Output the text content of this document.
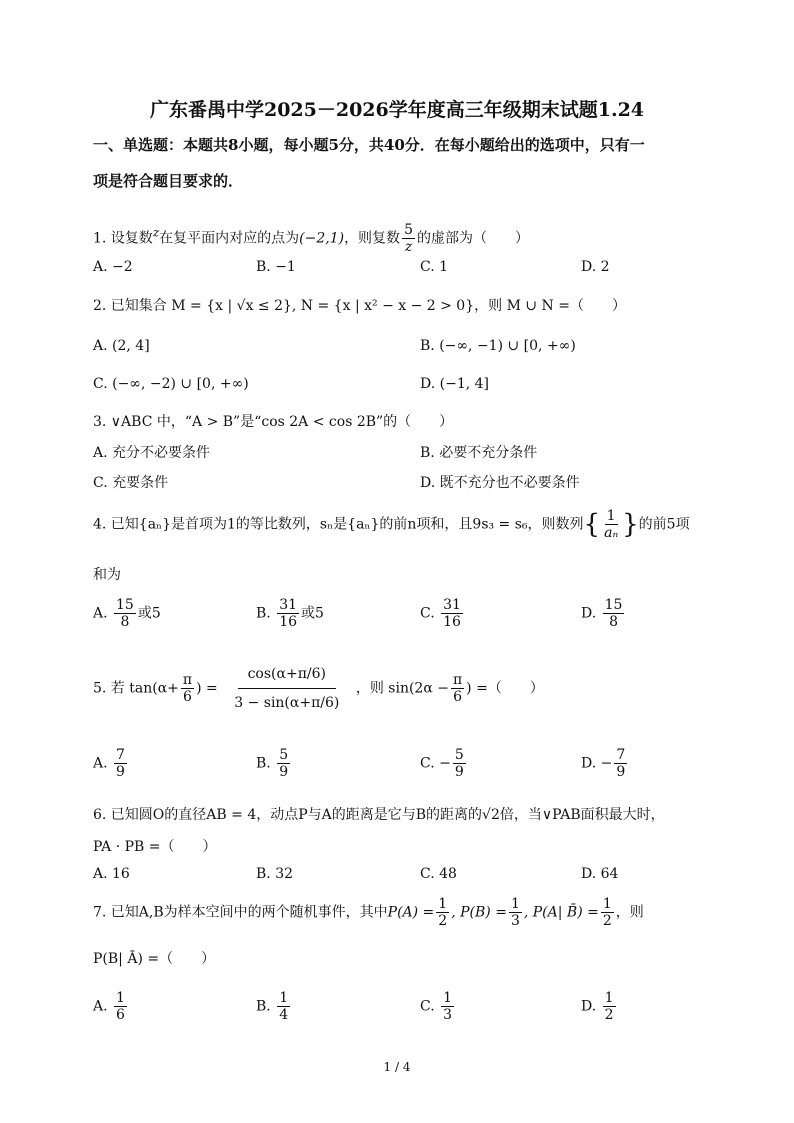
广东番禺中学2025－2026学年度高三年级期末试题1.24
一、单选题：本题共8小题，每小题5分，共40分．在每小题给出的选项中，只有一
项是符合题目要求的．
1. 设复数z在复平面内对应的点为(−2,1)，则复数 $\frac{5}{z}$ 的虚部为（　　）
A. −2	B. −1	C. 1	D. 2
2. 已知集合 M = {x | √x ≤ 2}, N = {x | x² − x − 2 > 0}，则 M ∪ N =（　　）
A. (2, 4]	B. (−∞, −1) ∪ [0, +∞)
C. (−∞, −2) ∪ [0, +∞)	D. (−1, 4]
3. ∨ABC 中，“A > B”是“cos 2A < cos 2B”的（　　）
A. 充分不必要条件	B. 必要不充分条件
C. 充要条件	D. 既不充分也不必要条件
4. 已知{aₙ}是首项为1的等比数列，sₙ是{aₙ}的前n项和，且9s₃ = s₆，则数列{ $\frac{1}{\text{aₙ}}$ }的前5项
和为
A. $\frac{15}{8}$ 或5	B. $\frac{31}{16}$ 或5	C. $\frac{31}{16}$	D. $\frac{15}{8}$
5. 若 $\tan(\alpha+ \frac{\pi}{6}$ ) = $\frac{\cos(\alpha+\pi/6)}{3 - \sin(\alpha+\pi/6)}$ ，则 $\sin(2\alpha - \frac{\pi}{6}$ ) =（　　）
A. $\frac{7}{9}$	B. $\frac{5}{9}$	C. − $\frac{5}{9}$	D. − $\frac{7}{9}$
6. 已知圆O的直径AB = 4，动点P与A的距离是它与B的距离的√2倍，当∨PAB面积最大时，
PA · PB =（　　）
A. 16	B. 32	C. 48	D. 64
7. 已知A,B为样本空间中的两个随机事件，其中$P(A) = \frac{1}{2}$ , $P(B) = \frac{1}{3}$ , P(A| B̄) = $\frac{1}{2}$ ，则
P(B| Ā) =（　　）
A. $\frac{1}{6}$	B. $\frac{1}{4}$	C. $\frac{1}{3}$	D. $\frac{1}{2}$
1 / 4
